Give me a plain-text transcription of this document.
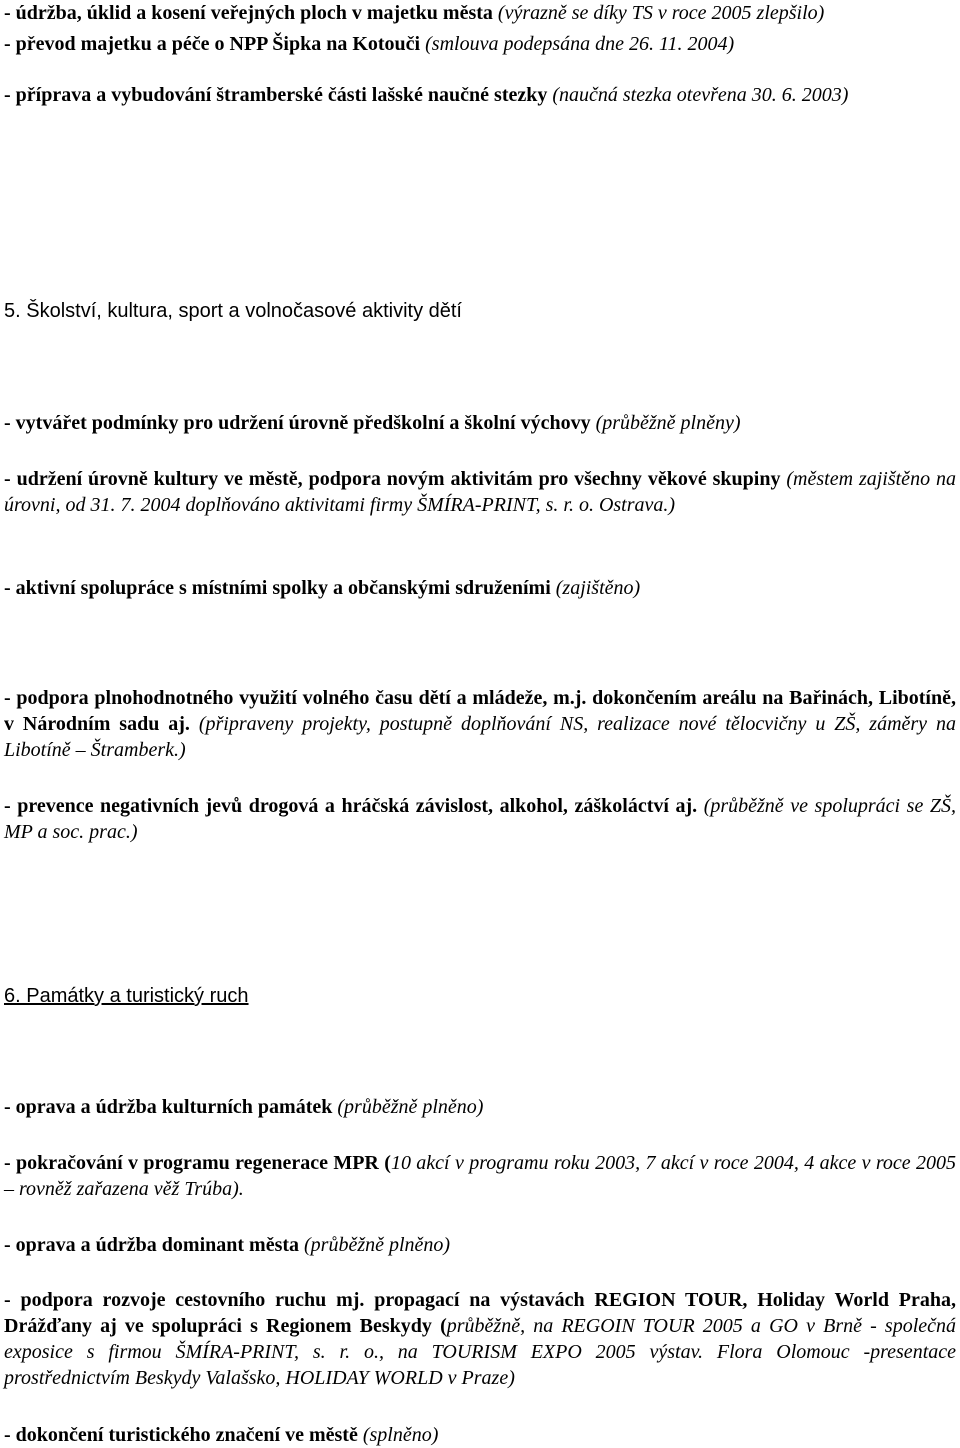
- údržba, úklid a kosení veřejných ploch v majetku města (výrazně se díky TS v roce 2005 zlepšilo)

- převod majetku a péče o NPP Šipka na Kotouči (smlouva podepsána dne 26. 11. 2004)

- příprava a vybudování štramberské části lašské naučné stezky (naučná stezka otevřena 30. 6. 2003)

5. Školství, kultura, sport a volnočasové aktivity dětí

- vytvářet podmínky pro udržení úrovně předškolní a školní výchovy (průběžně plněny)

- udržení úrovně kultury ve městě, podpora novým aktivitám pro všechny věkové skupiny (městem zajištěno na úrovni, od 31. 7. 2004 doplňováno aktivitami firmy ŠMÍRA-PRINT, s. r. o. Ostrava.)

- aktivní spolupráce s místními spolky a občanskými sdruženími (zajištěno)

- podpora plnohodnotného využití volného času dětí a mládeže, m.j. dokončením areálu na Bařinách, Libotíně, v Národním sadu aj. (připraveny projekty, postupně doplňování NS, realizace nové tělocvičny u ZŠ, záměry na Libotíně – Štramberk.)

- prevence negativních jevů drogová a hráčská závislost, alkohol, záškoláctví aj. (průběžně ve spolupráci se ZŠ, MP a soc. prac.)

6. Památky a turistický ruch

- oprava a údržba kulturních památek (průběžně plněno)

- pokračování v programu regenerace MPR (10 akcí v programu roku 2003, 7 akcí v roce 2004, 4 akce v roce 2005 – rovněž zařazena věž Trúba).

- oprava a údržba dominant města (průběžně plněno)

- podpora rozvoje cestovního ruchu mj. propagací na výstavách REGION TOUR, Holiday World Praha, Drážďany aj ve spolupráci s Regionem Beskydy (průběžně, na REGOIN TOUR 2005 a GO v Brně - společná exposice s firmou ŠMÍRA-PRINT, s. r. o., na TOURISM EXPO 2005 výstav. Flora Olomouc -presentace prostřednictvím Beskydy Valašsko, HOLIDAY WORLD v Praze)

- dokončení turistického značení ve městě (splněno)
